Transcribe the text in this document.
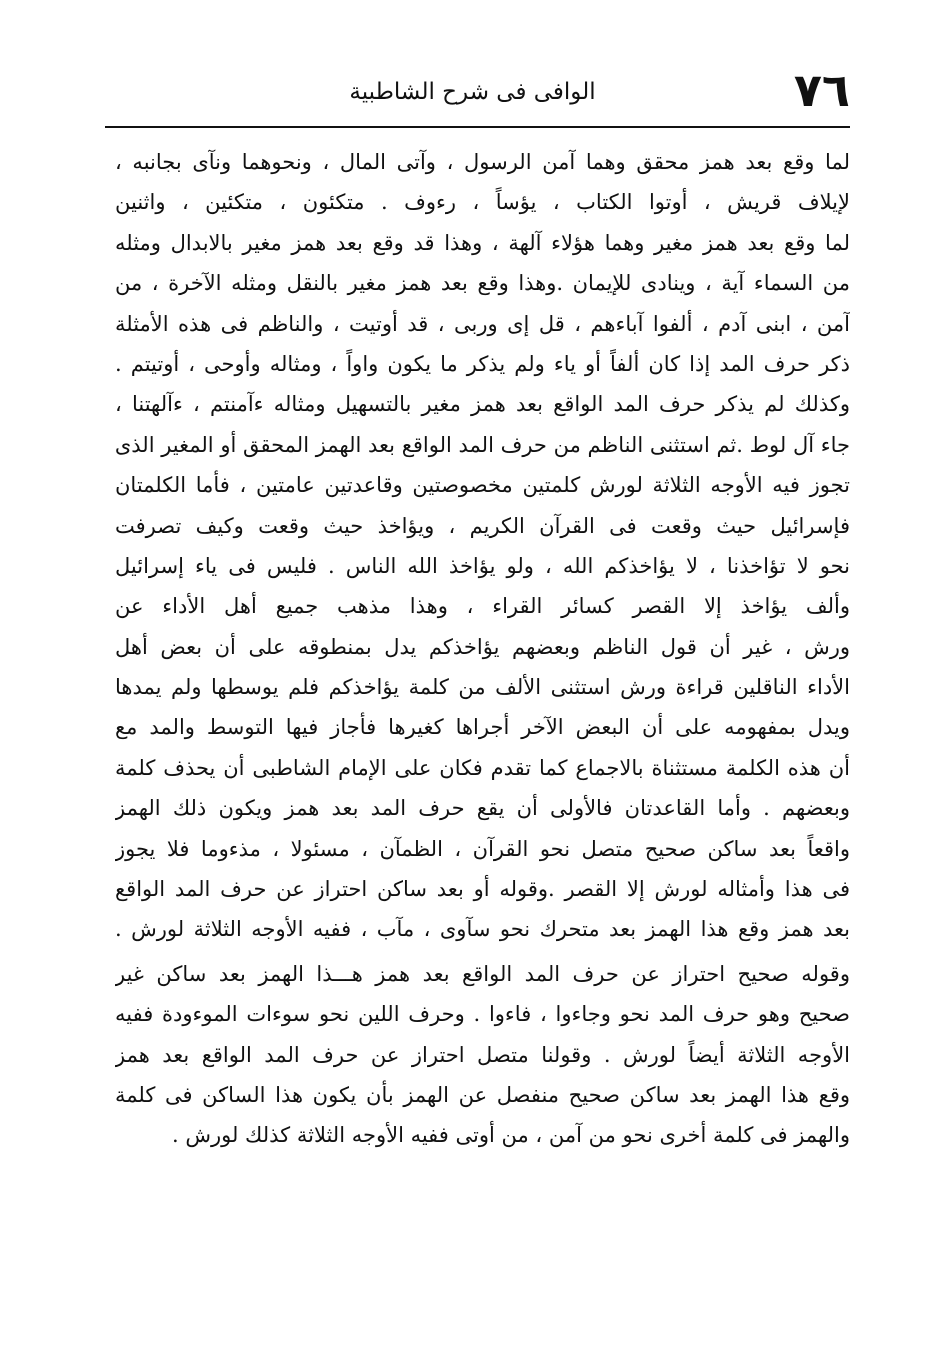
٧٦
الوافى فى شرح الشاطبية
لما وقع بعد همز محقق وهما آمن الرسول ، وآتى المال ، ونحوهما ونآى بجانبه ،
لإيلاف قريش ، أوتوا الكتاب ، يؤساً ، رءوف . متكئون ، متكئين ، واثنين
لما وقع بعد همز مغير وهما هؤلاء آلهة ، وهذا قد وقع بعد همز مغير بالابدال ومثله
من السماء آية ، وينادى للإيمان .وهذا وقع بعد همز مغير بالنقل ومثله الآخرة ، من
آمن ، ابنى آدم ، ألفوا آباءهم ، قل إى وربى ، قد أوتيت ، والناظم فى هذه الأمثلة
ذكر حرف المد إذا كان ألفاً أو ياء ولم يذكر ما يكون واواً ، ومثاله وأوحى ، أوتيتم .
وكذلك لم يذكر حرف المد الواقع بعد همز مغير بالتسهيل ومثاله ءآمنتم ، ءآلهتنا ،
جاء آل لوط .ثم استثنى الناظم من حرف المد الواقع بعد الهمز المحقق أو المغير الذى
تجوز فيه الأوجه الثلاثة لورش كلمتين مخصوصتين وقاعدتين عامتين ، فأما الكلمتان
فإسرائيل حيث وقعت فى القرآن الكريم ، ويؤاخذ حيث وقعت وكيف تصرفت
نحو لا تؤاخذنا ، لا يؤاخذكم الله ، ولو يؤاخذ الله الناس . فليس فى ياء إسرائيل
وألف يؤاخذ إلا القصر كسائر القراء ، وهذا مذهب جميع أهل الأداء عن
ورش ، غير أن قول الناظم وبعضهم يؤاخذكم يدل بمنطوقه على أن بعض أهل
الأداء الناقلين قراءة ورش استثنى الألف من كلمة يؤاخذكم فلم يوسطها ولم يمدها
ويدل بمفهومه على أن البعض الآخر أجراها كغيرها فأجاز فيها التوسط والمد مع
أن هذه الكلمة مستثناة بالاجماع كما تقدم فكان على الإمام الشاطبى أن يحذف كلمة
وبعضهم . وأما القاعدتان فالأولى أن يقع حرف المد بعد همز ويكون ذلك الهمز
واقعاً بعد ساكن صحيح متصل نحو القرآن ، الظمآن ، مسئولا ، مذءوما فلا يجوز
فى هذا وأمثاله لورش إلا القصر .وقوله أو بعد ساكن احتراز عن حرف المد الواقع
بعد همز وقع هذا الهمز بعد متحرك نحو سآوى ، مآب ، ففيه الأوجه الثلاثة لورش .
وقوله صحيح احتراز عن حرف المد الواقع بعد همز هـــذا الهمز بعد ساكن غير
صحيح وهو حرف المد نحو وجاءوا ، فاءوا . وحرف اللين نحو سوءات الموءودة ففيه
الأوجه الثلاثة أيضاً لورش . وقولنا متصل احتراز عن حرف المد الواقع بعد همز
وقع هذا الهمز بعد ساكن صحيح منفصل عن الهمز بأن يكون هذا الساكن فى كلمة
والهمز فى كلمة أخرى نحو من آمن ، من أوتى ففيه الأوجه الثلاثة كذلك لورش .
